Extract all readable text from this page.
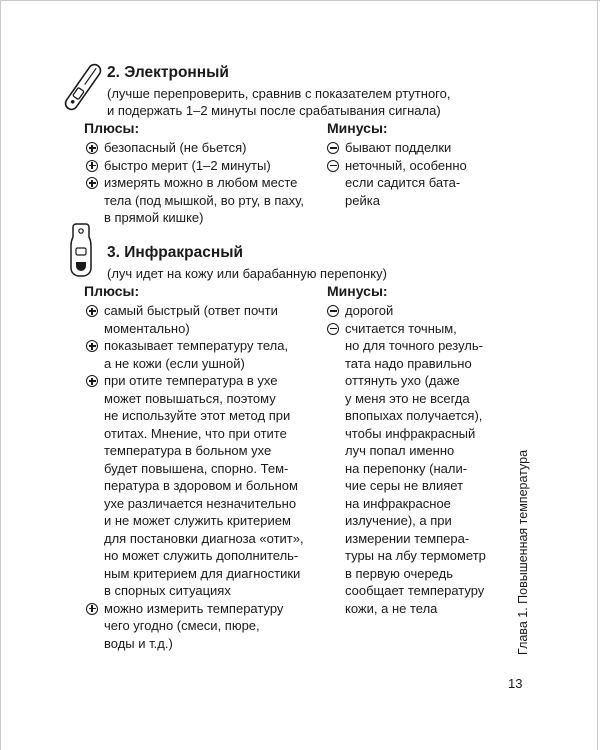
2. Электронный
(лучше перепроверить, сравнив с показателем ртутного,
и подержать 1–2 минуты после срабатывания сигнала)
Плюсы:	Минусы:
безопасный (не бьется)
быстро мерит (1–2 минуты)
измерять можно в любом месте
тела (под мышкой, во рту, в паху,
в прямой кишке)
бывают подделки
неточный, особенно
если садится бата-
рейка
3. Инфракрасный
(луч идет на кожу или барабанную перепонку)
Плюсы:	Минусы:
самый быстрый (ответ почти
моментально)
показывает температуру тела,
а не кожи (если ушной)
при отите температура в ухе
может повышаться, поэтому
не используйте этот метод при
отитах. Мнение, что при отите
температура в больном ухе
будет повышена, спорно. Тем-
пература в здоровом и больном
ухе различается незначительно
и не может служить критерием
для постановки диагноза «отит»,
но может служить дополнитель-
ным критерием для диагностики
в спорных ситуациях
можно измерить температуру
чего угодно (смеси, пюре,
воды и т.д.)
дорогой
считается точным,
но для точного резуль-
тата надо правильно
оттянуть ухо (даже
у меня это не всегда
впопыхах получается),
чтобы инфракрасный
луч попал именно
на перепонку (нали-
чие серы не влияет
на инфракрасное
излучение), а при
измерении темпера-
туры на лбу термометр
в первую очередь
сообщает температуру
кожи, а не тела	Глава 1. Повышенная температура
13
